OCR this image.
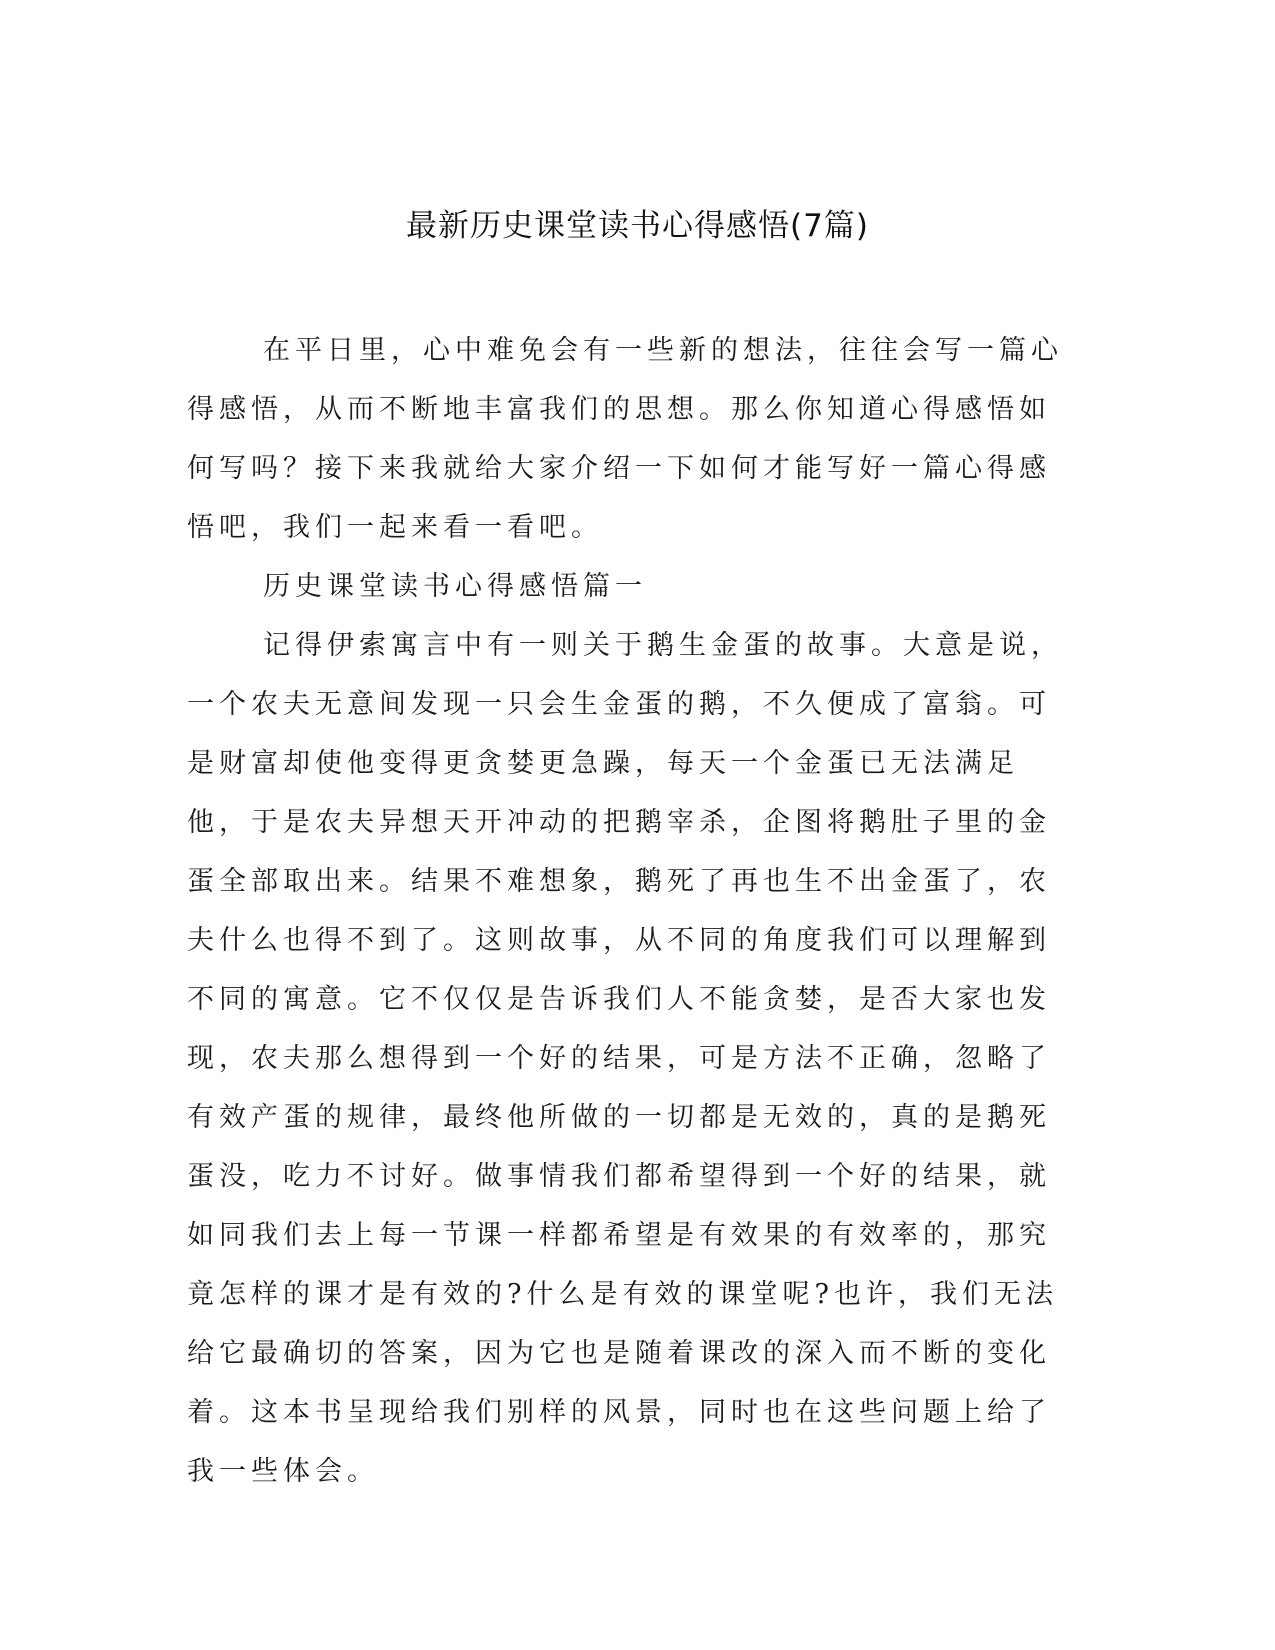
最新历史课堂读书心得感悟(7篇)

在平日里，心中难免会有一些新的想法，往往会写一篇心得感悟，从而不断地丰富我们的思想。那么你知道心得感悟如何写吗？接下来我就给大家介绍一下如何才能写好一篇心得感悟吧，我们一起来看一看吧。

历史课堂读书心得感悟篇一

记得伊索寓言中有一则关于鹅生金蛋的故事。大意是说，一个农夫无意间发现一只会生金蛋的鹅，不久便成了富翁。可是财富却使他变得更贪婪更急躁，每天一个金蛋已无法满足他，于是农夫异想天开冲动的把鹅宰杀，企图将鹅肚子里的金蛋全部取出来。结果不难想象，鹅死了再也生不出金蛋了，农夫什么也得不到了。这则故事，从不同的角度我们可以理解到不同的寓意。它不仅仅是告诉我们人不能贪婪，是否大家也发现，农夫那么想得到一个好的结果，可是方法不正确，忽略了有效产蛋的规律，最终他所做的一切都是无效的，真的是鹅死蛋没，吃力不讨好。做事情我们都希望得到一个好的结果，就如同我们去上每一节课一样都希望是有效果的有效率的，那究竟怎样的课才是有效的?什么是有效的课堂呢?也许，我们无法给它最确切的答案，因为它也是随着课改的深入而不断的变化着。这本书呈现给我们别样的风景，同时也在这些问题上给了我一些体会。
